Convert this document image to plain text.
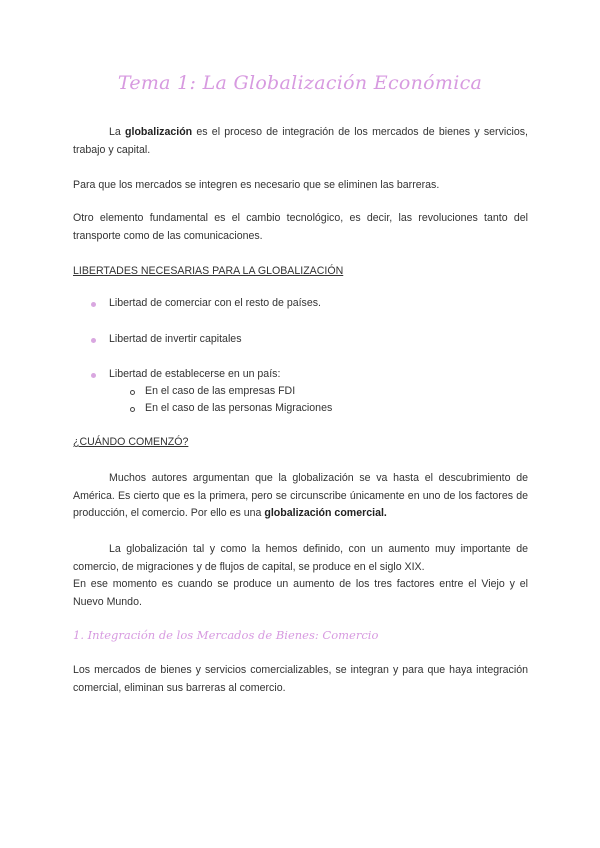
Tema 1: La Globalización Económica
La globalización es el proceso de integración de los mercados de bienes y servicios, trabajo y capital.
Para que los mercados se integren es necesario que se eliminen las barreras.
Otro elemento fundamental es el cambio tecnológico, es decir, las revoluciones tanto del transporte como de las comunicaciones.
LIBERTADES NECESARIAS PARA LA GLOBALIZACIÓN
Libertad de comerciar con el resto de países.
Libertad de invertir capitales
Libertad de establecerse en un país:
En el caso de las empresas FDI
En el caso de las personas Migraciones
¿CUÁNDO COMENZÓ?
Muchos autores argumentan que la globalización se va hasta el descubrimiento de América. Es cierto que es la primera, pero se circunscribe únicamente en uno de los factores de producción, el comercio. Por ello es una globalización comercial.
La globalización tal y como la hemos definido, con un aumento muy importante de comercio, de migraciones y de flujos de capital, se produce en el siglo XIX.
En ese momento es cuando se produce un aumento de los tres factores entre el Viejo y el Nuevo Mundo.
1. Integración de los Mercados de Bienes: Comercio
Los mercados de bienes y servicios comercializables, se integran y para que haya integración comercial, eliminan sus barreras al comercio.
